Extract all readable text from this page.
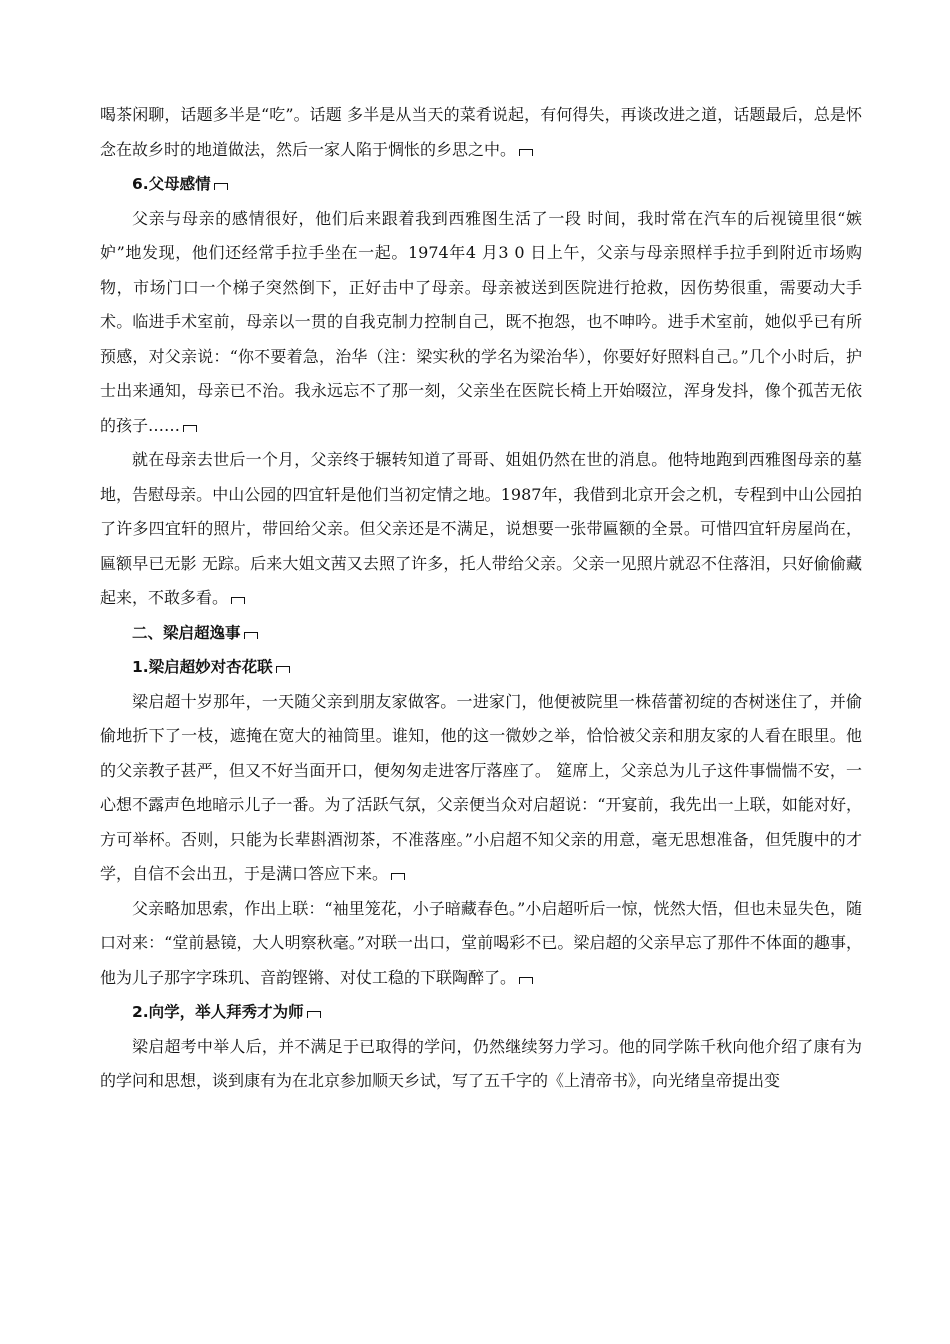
喝茶闲聊，话题多半是“吃”。话题 多半是从当天的菜肴说起，有何得失，再谈改进之道，话题最后，总是怀念在故乡时的地道做法，然后一家人陷于惆怅的乡思之中。

6.父母感情

父亲与母亲的感情很好，他们后来跟着我到西雅图生活了一段 时间，我时常在汽车的后视镜里很“嫉妒”地发现，他们还经常手拉手坐在一起。1974年4 月3 0 日上午，父亲与母亲照样手拉手到附近市场购物，市场门口一个梯子突然倒下，正好击中了母亲。母亲被送到医院进行抢救，因伤势很重，需要动大手术。临进手术室前，母亲以一贯的自我克制力控制自己，既不抱怨，也不呻吟。进手术室前，她似乎已有所预感，对父亲说：“你不要着急，治华（注：梁实秋的学名为梁治华），你要好好照料自己。”几个小时后，护士出来通知，母亲已不治。我永远忘不了那一刻，父亲坐在医院长椅上开始啜泣，浑身发抖，像个孤苦无依的孩子……

就在母亲去世后一个月，父亲终于辗转知道了哥哥、姐姐仍然在世的消息。他特地跑到西雅图母亲的墓地，告慰母亲。中山公园的四宜轩是他们当初定情之地。1987年，我借到北京开会之机，专程到中山公园拍了许多四宜轩的照片，带回给父亲。但父亲还是不满足，说想要一张带匾额的全景。可惜四宜轩房屋尚在，匾额早已无影 无踪。后来大姐文茜又去照了许多，托人带给父亲。父亲一见照片就忍不住落泪，只好偷偷藏起来，不敢多看。

二、梁启超逸事

1.梁启超妙对杏花联

梁启超十岁那年，一天随父亲到朋友家做客。一进家门，他便被院里一株蓓蕾初绽的杏树迷住了，并偷偷地折下了一枝，遮掩在宽大的袖筒里。谁知，他的这一微妙之举，恰恰被父亲和朋友家的人看在眼里。他的父亲教子甚严，但又不好当面开口，便匆匆走进客厅落座了。 筵席上，父亲总为儿子这件事惴惴不安，一心想不露声色地暗示儿子一番。为了活跃气氛，父亲便当众对启超说：“开宴前，我先出一上联，如能对好，方可举杯。否则，只能为长辈斟酒沏茶，不准落座。”小启超不知父亲的用意，毫无思想准备，但凭腹中的才学，自信不会出丑，于是满口答应下来。

父亲略加思索，作出上联：“袖里笼花，小子暗藏春色。”小启超听后一惊，恍然大悟，但也未显失色，随口对来：“堂前悬镜，大人明察秋毫。”对联一出口，堂前喝彩不已。梁启超的父亲早忘了那件不体面的趣事，他为儿子那字字珠玑、音韵铿锵、对仗工稳的下联陶醉了。

2.向学，举人拜秀才为师

梁启超考中举人后，并不满足于已取得的学问，仍然继续努力学习。他的同学陈千秋向他介绍了康有为的学问和思想，谈到康有为在北京参加顺天乡试，写了五千字的《上清帝书》，向光绪皇帝提出变
